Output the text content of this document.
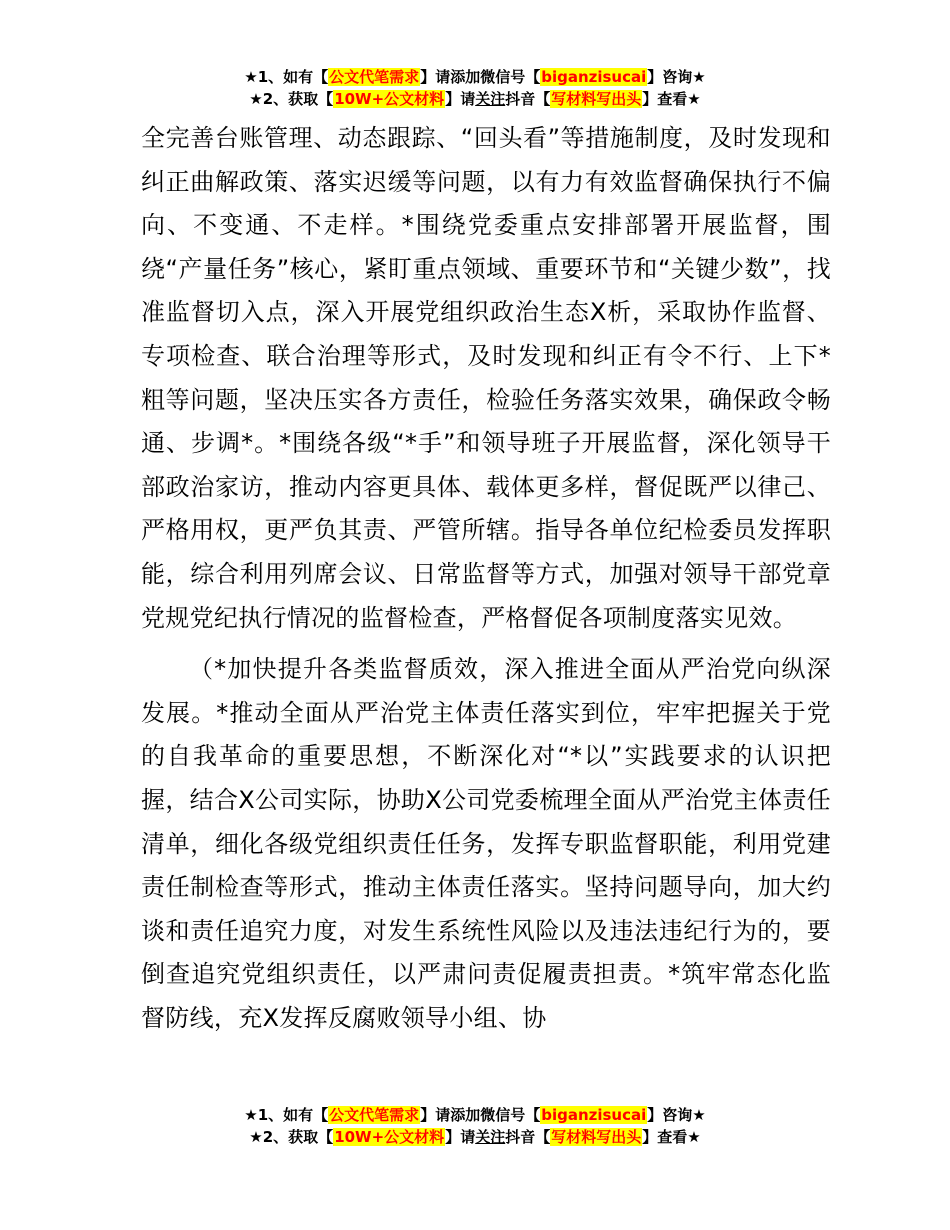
★1、如有【公文代笔需求】请添加微信号【biganzisucai】咨询★
★2、获取【10W+公文材料】请关注抖音【写材料写出头】查看★

全完善台账管理、动态跟踪、“回头看”等措施制度，及时发现和纠正曲解政策、落实迟缓等问题，以有力有效监督确保执行不偏向、不变通、不走样。*围绕党委重点安排部署开展监督，围绕“产量任务”核心，紧盯重点领域、重要环节和“关键少数”，找准监督切入点，深入开展党组织政治生态X析，采取协作监督、专项检查、联合治理等形式，及时发现和纠正有令不行、上下*粗等问题，坚决压实各方责任，检验任务落实效果，确保政令畅通、步调*。*围绕各级“*手”和领导班子开展监督，深化领导干部政治家访，推动内容更具体、载体更多样，督促既严以律己、严格用权，更严负其责、严管所辖。指导各单位纪检委员发挥职能，综合利用列席会议、日常监督等方式，加强对领导干部党章党规党纪执行情况的监督检查，严格督促各项制度落实见效。

（*加快提升各类监督质效，深入推进全面从严治党向纵深发展。*推动全面从严治党主体责任落实到位，牢牢把握关于党的自我革命的重要思想，不断深化对“*以”实践要求的认识把握，结合X公司实际，协助X公司党委梳理全面从严治党主体责任清单，细化各级党组织责任任务，发挥专职监督职能，利用党建责任制检查等形式，推动主体责任落实。坚持问题导向，加大约谈和责任追究力度，对发生系统性风险以及违法违纪行为的，要倒查追究党组织责任，以严肃问责促履责担责。*筑牢常态化监督防线，充X发挥反腐败领导小组、协

★1、如有【公文代笔需求】请添加微信号【biganzisucai】咨询★
★2、获取【10W+公文材料】请关注抖音【写材料写出头】查看★
